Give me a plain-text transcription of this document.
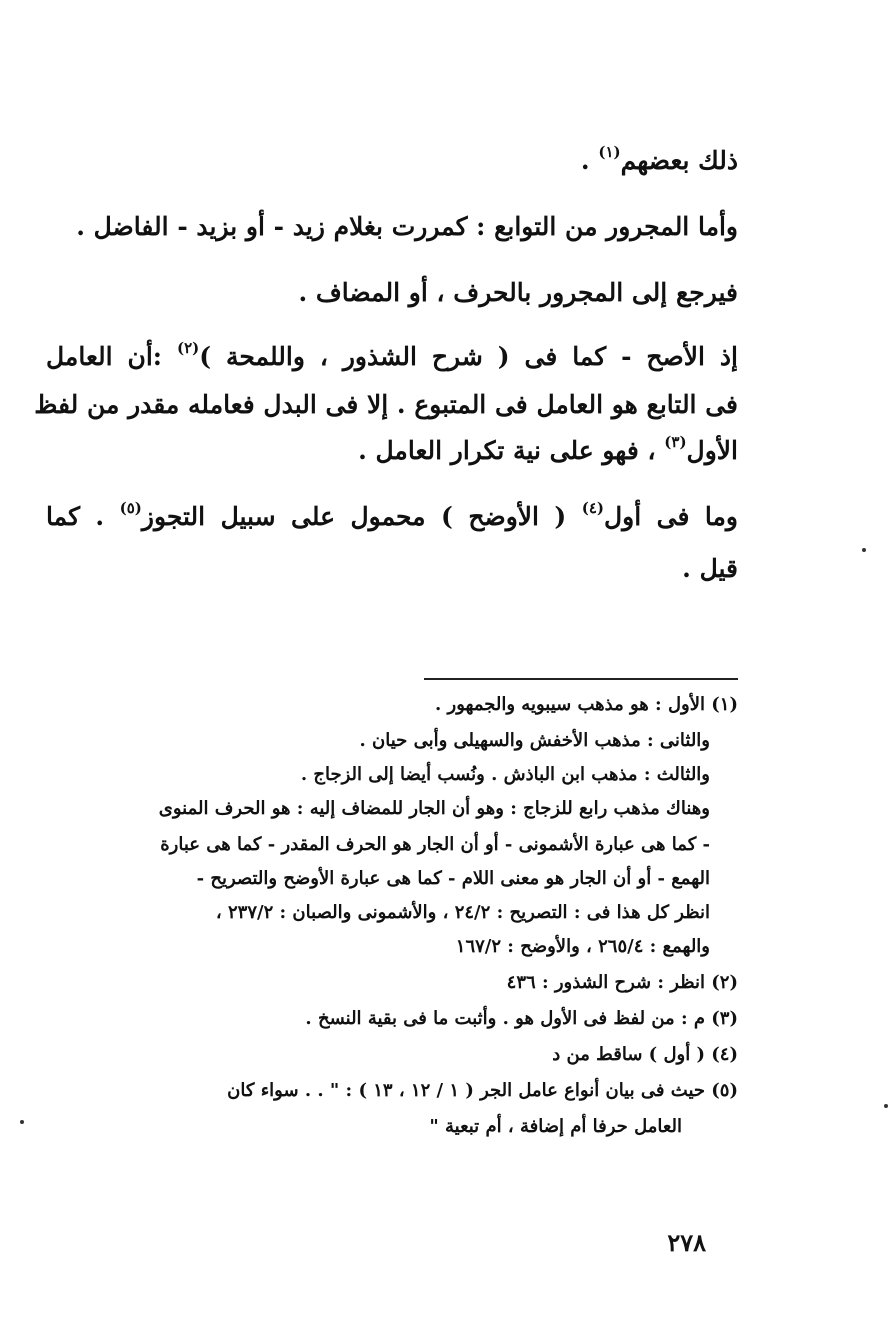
ذلك بعضهم$^{(١)}$ .
وأما المجرور من التوابع : كمررت بغلام زيد - أو بزيد - الفاضل .
فيرجع إلى المجرور بالحرف ، أو المضاف .
إذ الأصح - كما فى ( شرح الشذور ، واللمحة )$^{(٢)}$ :أن العامل
فى التابع هو العامل فى المتبوع . إلا فى البدل فعامله مقدر من لفظ
الأول$^{(٣)}$ ، فهو على نية تكرار العامل .
وما فى أول$^{(٤)}$ ( الأوضح ) محمول على سبيل التجوز$^{(٥)}$ . كما
قيل .
(١) الأول : هو مذهب سيبويه والجمهور .
والثانى : مذهب الأخفش والسهيلى وأبى حيان .
والثالث : مذهب ابن الباذش . ونُسب أيضا إلى الزجاج .
وهناك مذهب رابع للزجاج : وهو أن الجار للمضاف إليه : هو الحرف المنوى
- كما هى عبارة الأشمونى - أو أن الجار هو الحرف المقدر - كما هى عبارة
الهمع - أو أن الجار هو معنى اللام - كما هى عبارة الأوضح والتصريح -
انظر كل هذا فى : التصريح : ٢٤/٢ ، والأشمونى والصبان : ٢٣٧/٢ ،
والهمع : ٢٦٥/٤ ، والأوضح : ١٦٧/٢
(٢) انظر : شرح الشذور : ٤٣٦
(٣) م : من لفظ فى الأول هو . وأثبت ما فى بقية النسخ .
(٤) ( أول ) ساقط من د
(٥) حيث فى بيان أنواع عامل الجر ( ١ / ١٢ ، ١٣ ) : " . . سواء كان
العامل حرفا أم إضافة ، أم تبعية "
٢٧٨
